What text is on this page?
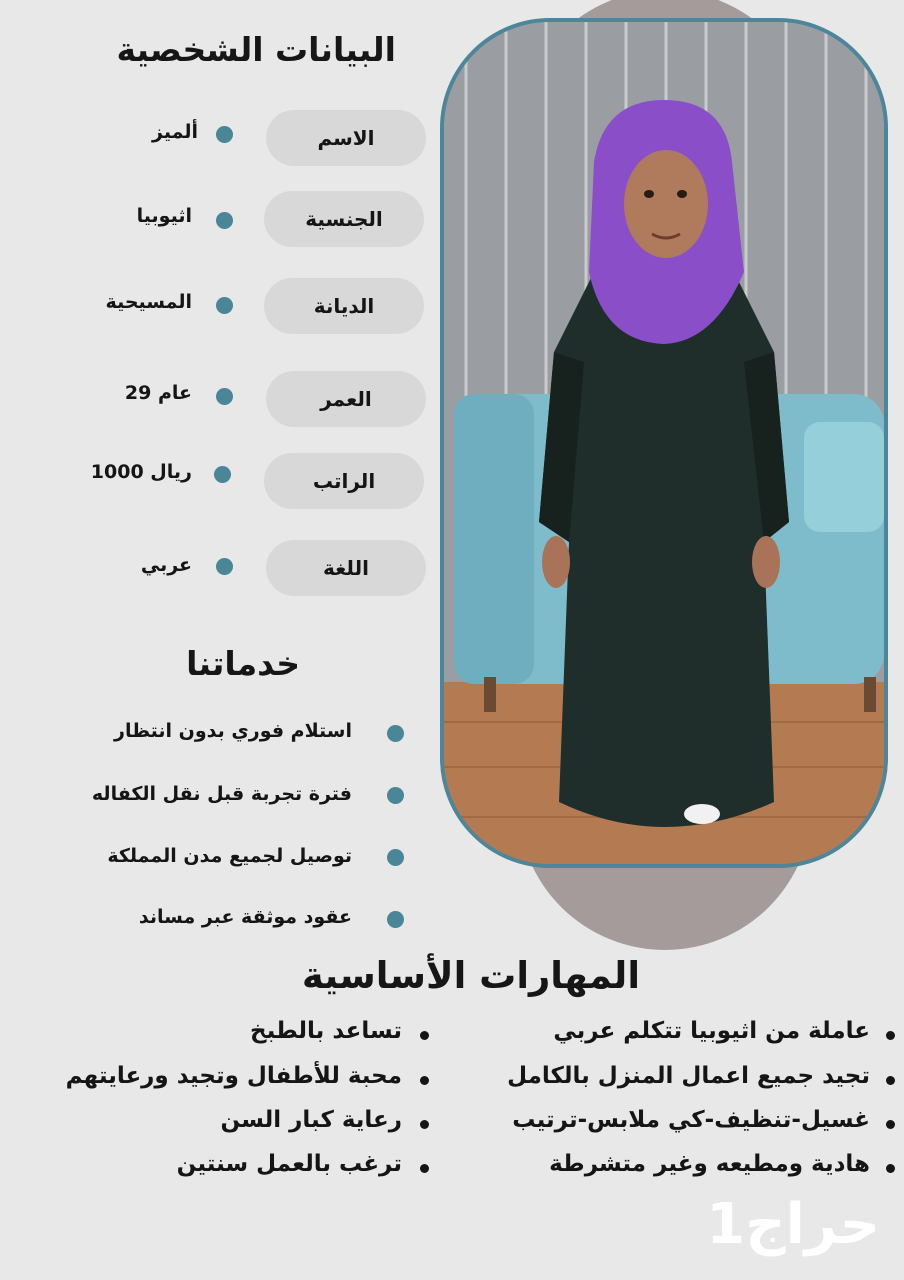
البيانات الشخصية
الاسم
ألميز
الجنسية
اثيوبيا
الديانة
المسيحية
العمر
29 عام
الراتب
1000 ريال
اللغة
عربي
خدماتنا
استلام فوري بدون انتظار
فترة تجربة قبل نقل الكفاله
توصيل لجميع مدن المملكة
عقود موثقة عبر مساند
المهارات الأساسية
عاملة من اثيوبيا تتكلم عربي
تجيد جميع اعمال المنزل بالكامل
غسيل-تنظيف-كي ملابس-ترتيب
هادية ومطيعه وغير متشرطة
تساعد بالطبخ
محبة للأطفال وتجيد ورعايتهم
رعاية كبار السن
ترغب بالعمل سنتين
حراج1
